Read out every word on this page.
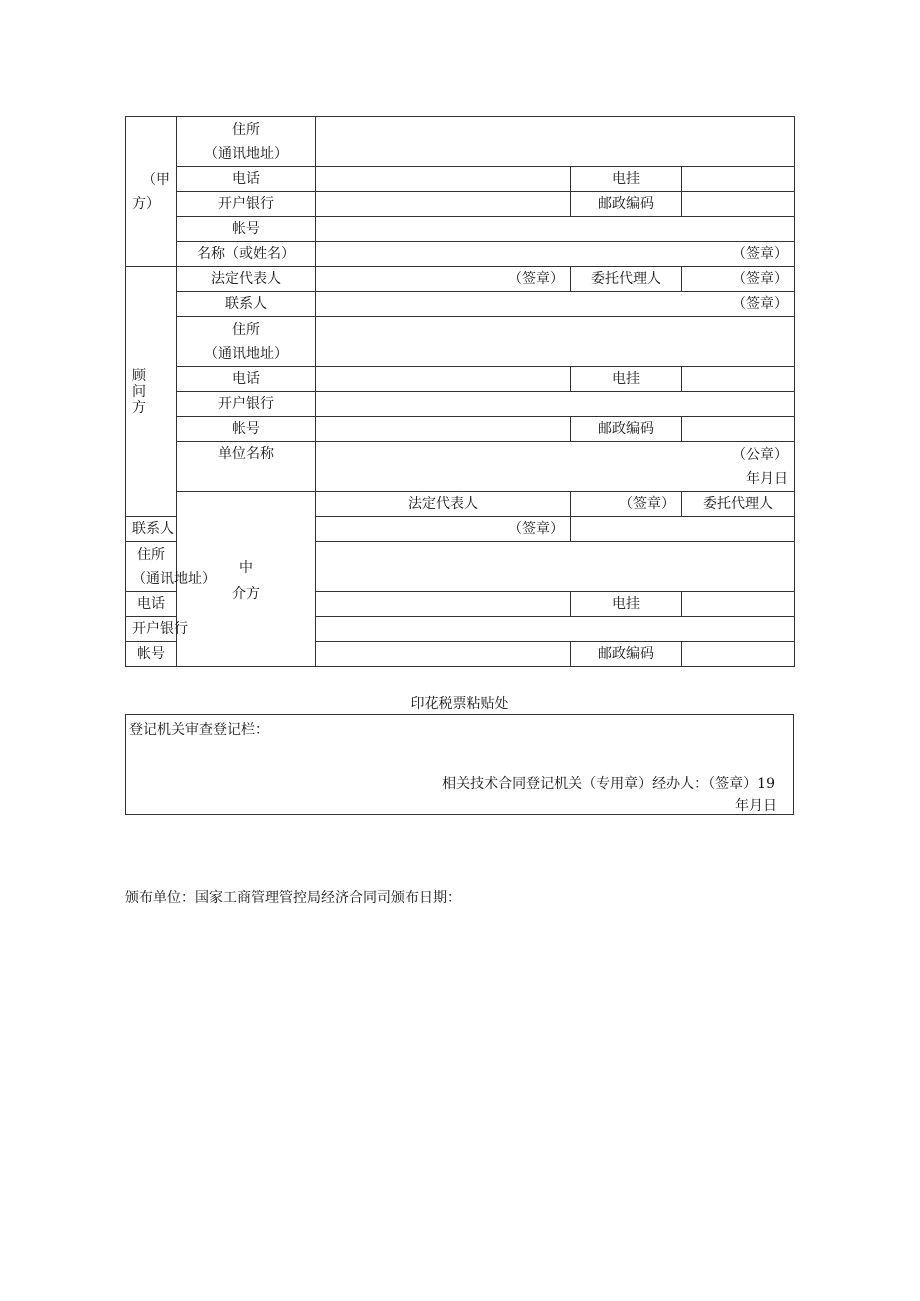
（甲
方）	住所
（通讯地址）				

	电话		电挂		
	开户银行		邮政编码		
	帐号				
	名称（或姓名）	（签章）			

顾
问
方	法定代表人	（签章）	委托代理人	（签章）	
	联系人	（签章）			

	住所
（通讯地址）				

	电话		电挂		
	开户银行				
	帐号		邮政编码		
	单位名称	（公章）
年月日			

	中
介方	法定代表人	（签章）	委托代理人	
联系人		（签章）			

住所
（通讯地址）					

电话			电挂		
开户银行					
帐号			邮政编码		
印花税票粘贴处
登记机关审查登记栏：
相关技术合同登记机关（专用章）经办人：（签章）19
年月日
颁布单位：国家工商管理管控局经济合同司颁布日期：
